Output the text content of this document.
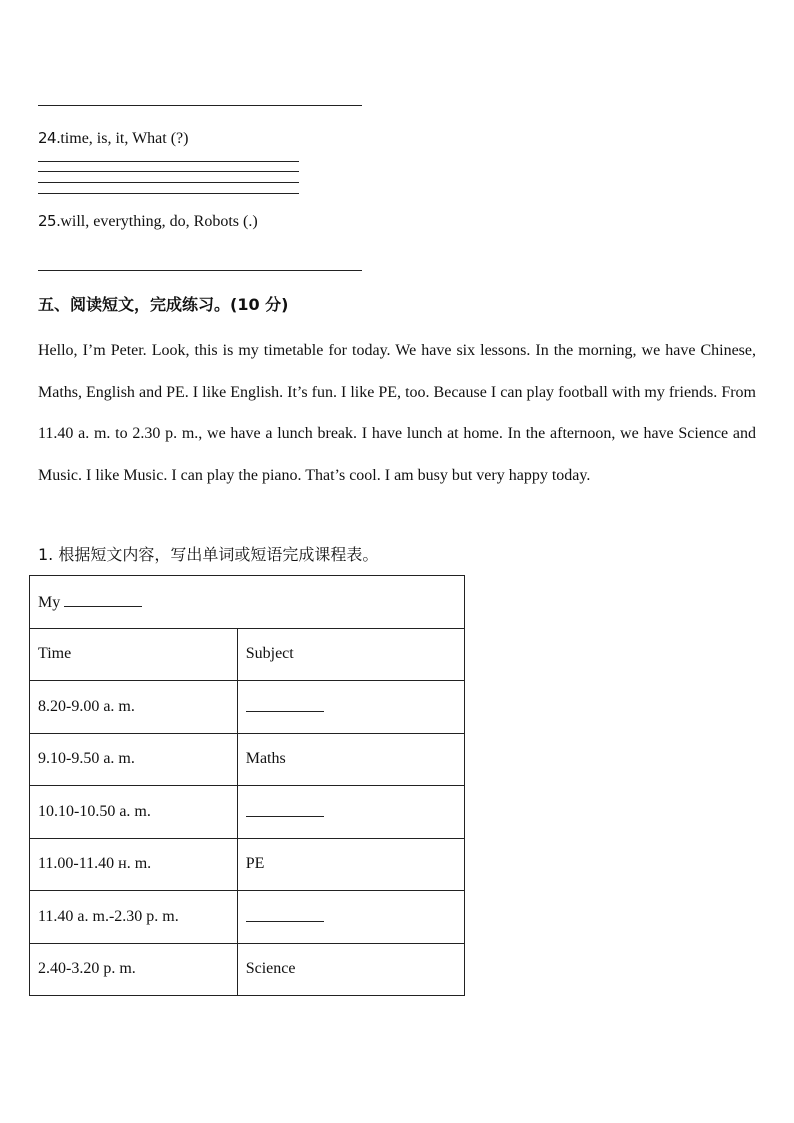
24.time, is, it, What (?)
25.will, everything, do, Robots (.)
五、阅读短文，完成练习。(10 分)
Hello, I’m Peter. Look, this is my timetable for today. We have six lessons. In the morning, we have Chinese, Maths, English and PE. I like English. It’s fun. I like PE, too. Because I can play football with my friends. From 11.40 a. m. to 2.30 p. m., we have a lunch break. I have lunch at home. In the afternoon, we have Science and Music. I like Music. I can play the piano. That’s cool. I am busy but very happy today.
1. 根据短文内容，写出单词或短语完成课程表。
My	
Time	Subject
8.20-9.00 a. m.	
9.10-9.50 a. m.	Maths
10.10-10.50 a. m.	
11.00-11.40 н. m.	PE
11.40 a. m.-2.30 p. m.	
2.40-3.20 p. m.	Science
